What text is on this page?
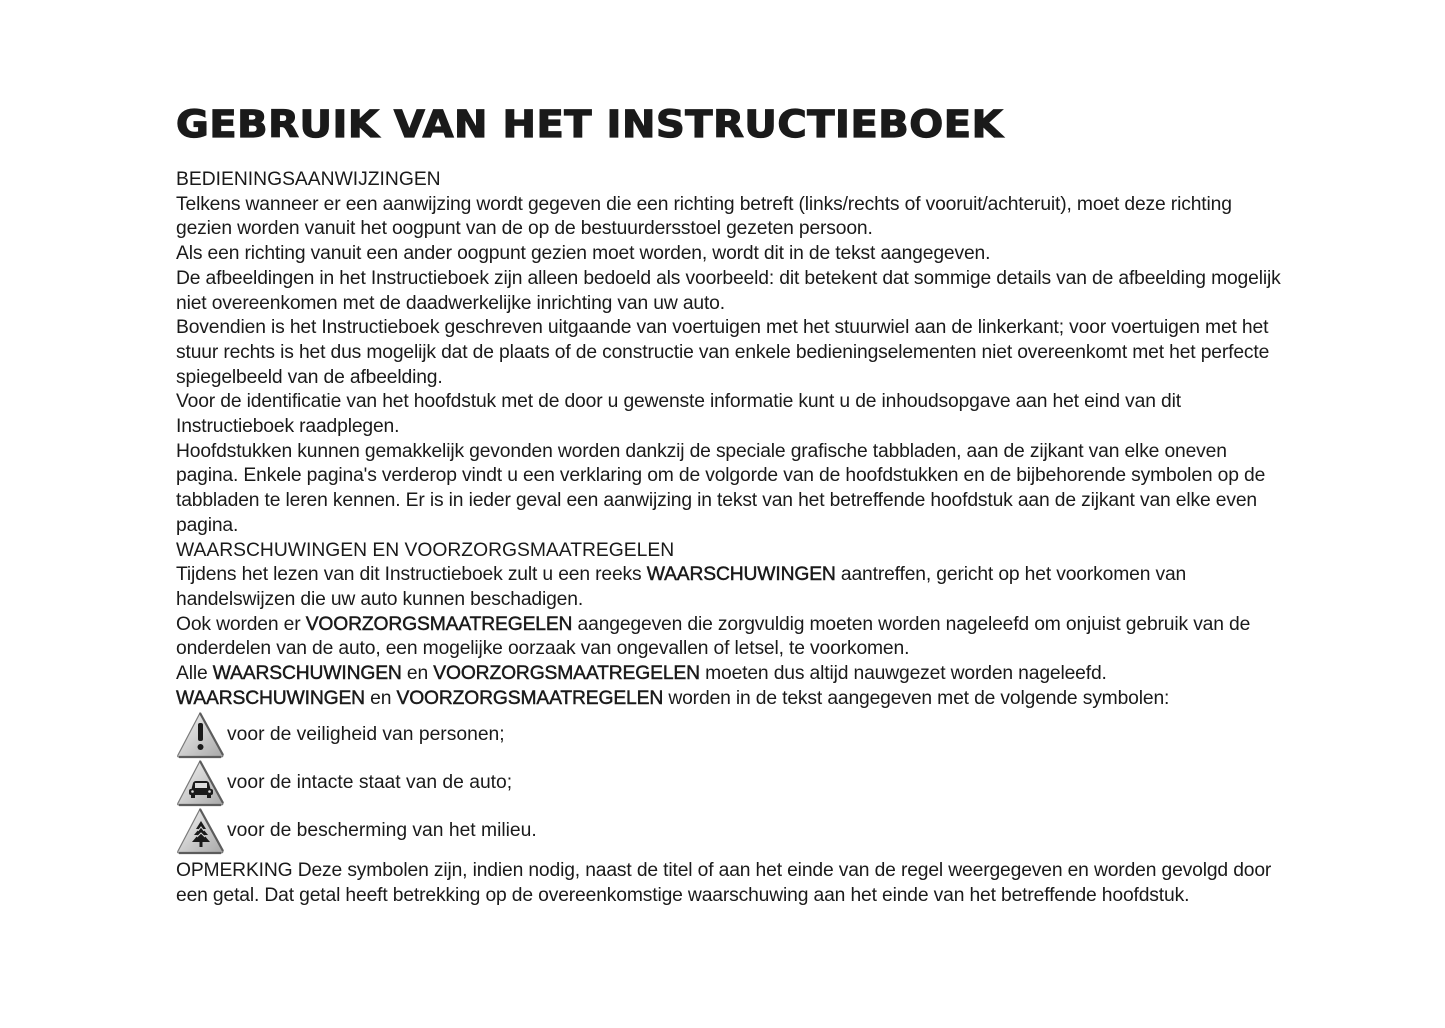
GEBRUIK VAN HET INSTRUCTIEBOEK
BEDIENINGSAANWIJZINGEN

Telkens wanneer er een aanwijzing wordt gegeven die een richting betreft (links/rechts of vooruit/achteruit), moet deze richting gezien worden vanuit het oogpunt van de op de bestuurdersstoel gezeten persoon.

Als een richting vanuit een ander oogpunt gezien moet worden, wordt dit in de tekst aangegeven.

De afbeeldingen in het Instructieboek zijn alleen bedoeld als voorbeeld: dit betekent dat sommige details van de afbeelding mogelijk niet overeenkomen met de daadwerkelijke inrichting van uw auto.

Bovendien is het Instructieboek geschreven uitgaande van voertuigen met het stuurwiel aan de linkerkant; voor voertuigen met het stuur rechts is het dus mogelijk dat de plaats of de constructie van enkele bedieningselementen niet overeenkomt met het perfecte spiegelbeeld van de afbeelding.

Voor de identificatie van het hoofdstuk met de door u gewenste informatie kunt u de inhoudsopgave aan het eind van dit Instructieboek raadplegen.

Hoofdstukken kunnen gemakkelijk gevonden worden dankzij de speciale grafische tabbladen, aan de zijkant van elke oneven pagina. Enkele pagina's verderop vindt u een verklaring om de volgorde van de hoofdstukken en de bijbehorende symbolen op de tabbladen te leren kennen. Er is in ieder geval een aanwijzing in tekst van het betreffende hoofdstuk aan de zijkant van elke even pagina.

WAARSCHUWINGEN EN VOORZORGSMAATREGELEN

Tijdens het lezen van dit Instructieboek zult u een reeks WAARSCHUWINGEN aantreffen, gericht op het voorkomen van handelswijzen die uw auto kunnen beschadigen.

Ook worden er VOORZORGSMAATREGELEN aangegeven die zorgvuldig moeten worden nageleefd om onjuist gebruik van de onderdelen van de auto, een mogelijke oorzaak van ongevallen of letsel, te voorkomen.

Alle WAARSCHUWINGEN en VOORZORGSMAATREGELEN moeten dus altijd nauwgezet worden nageleefd.

WAARSCHUWINGEN en VOORZORGSMAATREGELEN worden in de tekst aangegeven met de volgende symbolen:

voor de veiligheid van personen;
voor de intacte staat van de auto;
voor de bescherming van het milieu.

OPMERKING Deze symbolen zijn, indien nodig, naast de titel of aan het einde van de regel weergegeven en worden gevolgd door een getal. Dat getal heeft betrekking op de overeenkomstige waarschuwing aan het einde van het betreffende hoofdstuk.
